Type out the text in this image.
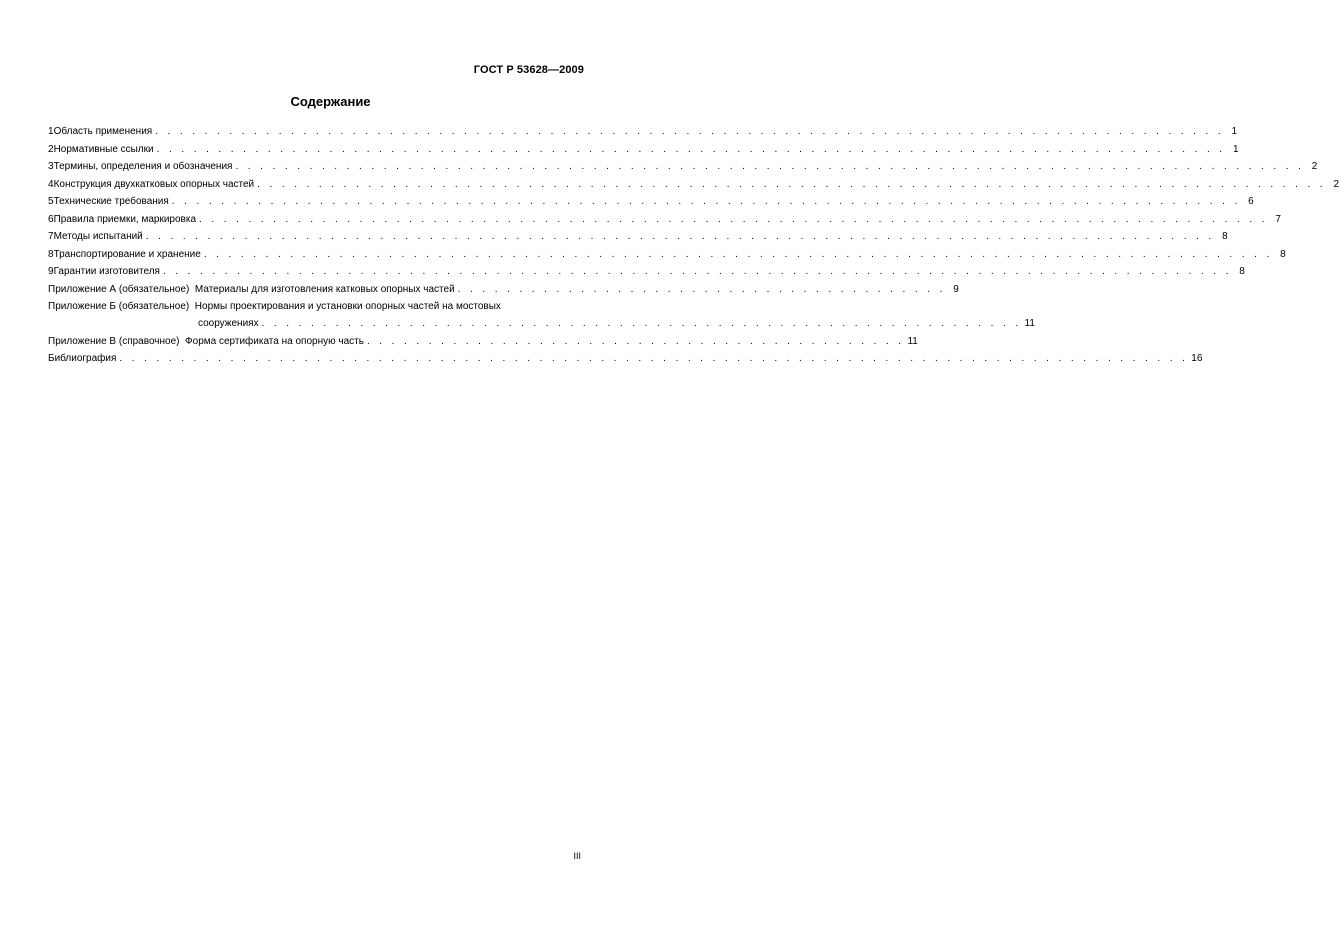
ГОСТ Р 53628—2009
Содержание
1 Область применения . . . . . . . . . . . . . . . . . . . . . . . . . . . . . . . . . . . . . . . . . . . . . . . . . . . . . . . . . . . . . . . . . . . . . . . . . . . . . . . . . . . . . . . 1
2 Нормативные ссылки . . . . . . . . . . . . . . . . . . . . . . . . . . . . . . . . . . . . . . . . . . . . . . . . . . . . . . . . . . . . . . . . . . . . . . . . . . . . . . . . . . . . . . . 1
3 Термины, определения и обозначения . . . . . . . . . . . . . . . . . . . . . . . . . . . . . . . . . . . . . . . . . . . . . . . . . . . . . . . . . . . . . . . . . . . . . . . . . . . . . . . . . . . . . . . 2
4 Конструкция двухкатковых опорных частей . . . . . . . . . . . . . . . . . . . . . . . . . . . . . . . . . . . . . . . . . . . . . . . . . . . . . . . . . . . . . . . . . . . . . . . . . . . . . . . . . . . . . . . 2
5 Технические требования . . . . . . . . . . . . . . . . . . . . . . . . . . . . . . . . . . . . . . . . . . . . . . . . . . . . . . . . . . . . . . . . . . . . . . . . . . . . . . . . . . . . . . . 6
6 Правила приемки, маркировка . . . . . . . . . . . . . . . . . . . . . . . . . . . . . . . . . . . . . . . . . . . . . . . . . . . . . . . . . . . . . . . . . . . . . . . . . . . . . . . . . . . . . . . 7
7 Методы испытаний . . . . . . . . . . . . . . . . . . . . . . . . . . . . . . . . . . . . . . . . . . . . . . . . . . . . . . . . . . . . . . . . . . . . . . . . . . . . . . . . . . . . . . . 8
8 Транспортирование и хранение . . . . . . . . . . . . . . . . . . . . . . . . . . . . . . . . . . . . . . . . . . . . . . . . . . . . . . . . . . . . . . . . . . . . . . . . . . . . . . . . . . . . . . . 8
9 Гарантии изготовителя . . . . . . . . . . . . . . . . . . . . . . . . . . . . . . . . . . . . . . . . . . . . . . . . . . . . . . . . . . . . . . . . . . . . . . . . . . . . . . . . . . . . . . . 8
Приложение А (обязательное)
Материалы для изготовления катковых опорных частей . . . . . . . . . . . . . . . . . . . . . . . . . . . . . . . . . . . . . . . . 9
Приложение Б (обязательное)
Нормы проектирования и установки опорных частей на мостовых
сооружениях . . . . . . . . . . . . . . . . . . . . . . . . . . . . . . . . . . . . . . . . . . . . . . . . . . . . . . . . . . . . . . 11
Приложение В (справочное)
Форма сертификата на опорную часть . . . . . . . . . . . . . . . . . . . . . . . . . . . . . . . . . . . . . . . . . . . . 11
Библиография . . . . . . . . . . . . . . . . . . . . . . . . . . . . . . . . . . . . . . . . . . . . . . . . . . . . . . . . . . . . . . . . . . . . . . . . . . . . . . . . . . . . . . . 16
III
